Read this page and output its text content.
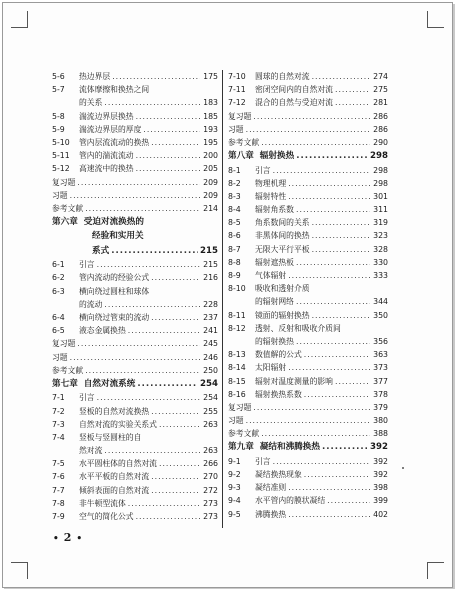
5-6	热边界层 .....	175
5-7	流体摩擦和换热之间
的关系 .....	183
5-8	湍流边界层换热 .....	185
5-9	湍流边界层的厚度 .....	193
5-10	管内层流流动的换热 .....	195
5-11	管内的湍流流动 .....	200
5-12	高速流中的换热 .....	205
复习题 .....	209
习题 .....	209
参考文献 .....	214
第六章 受迫对流换热的
经验和实用关
系式 .....	215
6-1	引言 .....	215
6-2	管内流动的经验公式 .....	216
6-3	横向绕过圆柱和球体
的流动 .....	228
6-4	横向绕过管束的流动 .....	237
6-5	液态金属换热 .....	241
复习题 .....	245
习题 .....	246
参考文献 .....	250
第七章 自然对流系统 .....	254
7-1	引言 .....	254
7-2	竖板的自然对流换热 .....	255
7-3	自然对流的实验关系式 .....	263
7-4	竖板与竖圆柱的自
然对流 .....	263
7-5	水平圆柱体的自然对流 .....	266
7-6	水平平板的自然对流 .....	270
7-7	倾斜表面的自然对流 .....	272
7-8	非牛顿型流体 .....	273
7-9	空气的简化公式 .....	273
7-10	圆球的自然对流 .....	274
7-11	密闭空间内的自然对流 .....	275
7-12	混合的自然与受迫对流 .....	281
复习题 .....	286
习题 .....	286
参考文献 .....	290
第八章 辐射换热 .....	298
8-1	引言 .....	298
8-2	物理机理 .....	298
8-3	辐射特性 .....	301
8-4	辐射角系数 .....	311
8-5	角系数间的关系 .....	319
8-6	非黑体间的换热 .....	323
8-7	无限大平行平板 .....	328
8-8	辐射遮热板 .....	330
8-9	气体辐射 .....	333
8-10	吸收和透射介质
的辐射网络 .....	344
8-11	镜面的辐射换热 .....	350
8-12	透射、反射和吸收介质间
的辐射换热 .....	356
8-13	数值解的公式 .....	363
8-14	太阳辐射 .....	373
8-15	辐射对温度测量的影响 .....	377
8-16	辐射换热系数 .....	378
复习题 .....	379
习题 .....	380
参考文献 .....	388
第九章 凝结和沸腾换热 .....	392
9-1	引言 .....	392
9-2	凝结换热现象 .....	392
9-3	凝结准则 .....	398
9-4	水平管内的膜状凝结 .....	399
9-5	沸腾换热 .....	402
• 2 •
